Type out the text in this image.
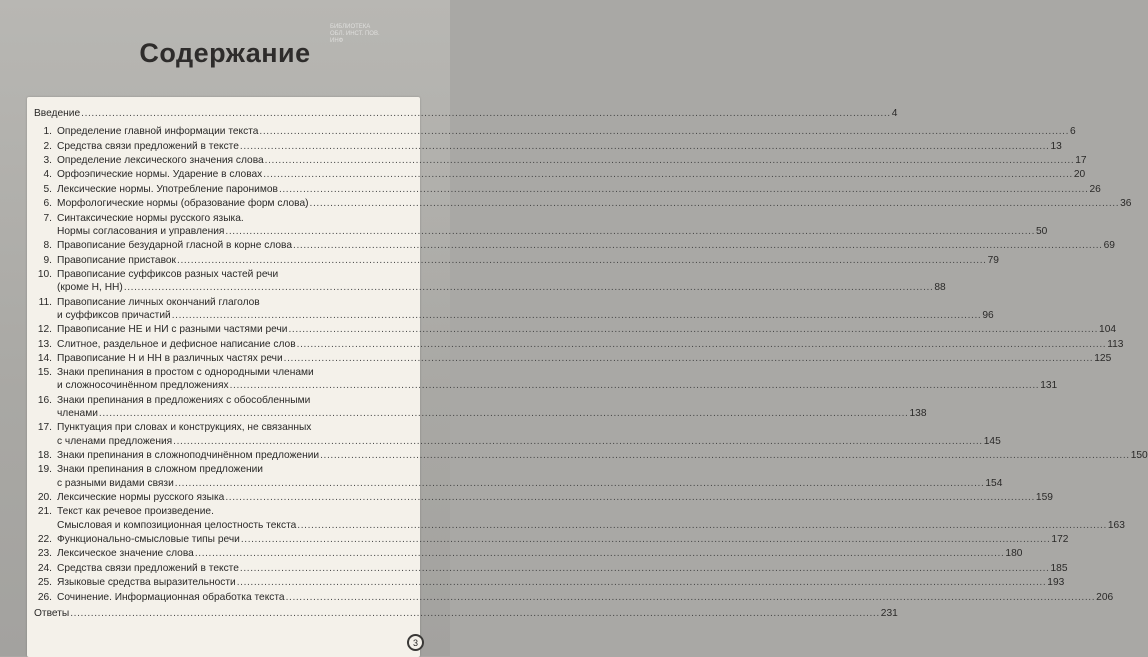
БИБЛИОТЕКА
ОБЛ. ИНСТ. ПОВ.
ИНФ
Содержание
Введение .....	4
1. Определение главной информации текста .....	6
2. Средства связи предложений в тексте .....	13
3. Определение лексического значения слова .....	17
4. Орфоэпические нормы. Ударение в словах .....	20
5. Лексические нормы. Употребление паронимов .....	26
6. Морфологические нормы (образование форм слова) .....	36
7. Синтаксические нормы русского языка.
Нормы согласования и управления .....	50
8. Правописание безударной гласной в корне слова .....	69
9. Правописание приставок .....	79
10. Правописание суффиксов разных частей речи
(кроме Н, НН) .....	88
11. Правописание личных окончаний глаголов
и суффиксов причастий .....	96
12. Правописание НЕ и НИ с разными частями речи .....	104
13. Слитное, раздельное и дефисное написание слов .....	113
14. Правописание Н и НН в различных частях речи .....	125
15. Знаки препинания в простом с однородными членами
и сложносочинённом предложениях .....	131
16. Знаки препинания в предложениях с обособленными
членами .....	138
17. Пунктуация при словах и конструкциях, не связанных
с членами предложения .....	145
18. Знаки препинания в сложноподчинённом предложении .....	150
19. Знаки препинания в сложном предложении
с разными видами связи .....	154
20. Лексические нормы русского языка .....	159
21. Текст как речевое произведение.
Смысловая и композиционная целостность текста .....	163
22. Функционально-смысловые типы речи .....	172
23. Лексическое значение слова .....	180
24. Средства связи предложений в тексте .....	185
25. Языковые средства выразительности .....	193
26. Сочинение. Информационная обработка текста .....	206
Ответы .....	231
3
